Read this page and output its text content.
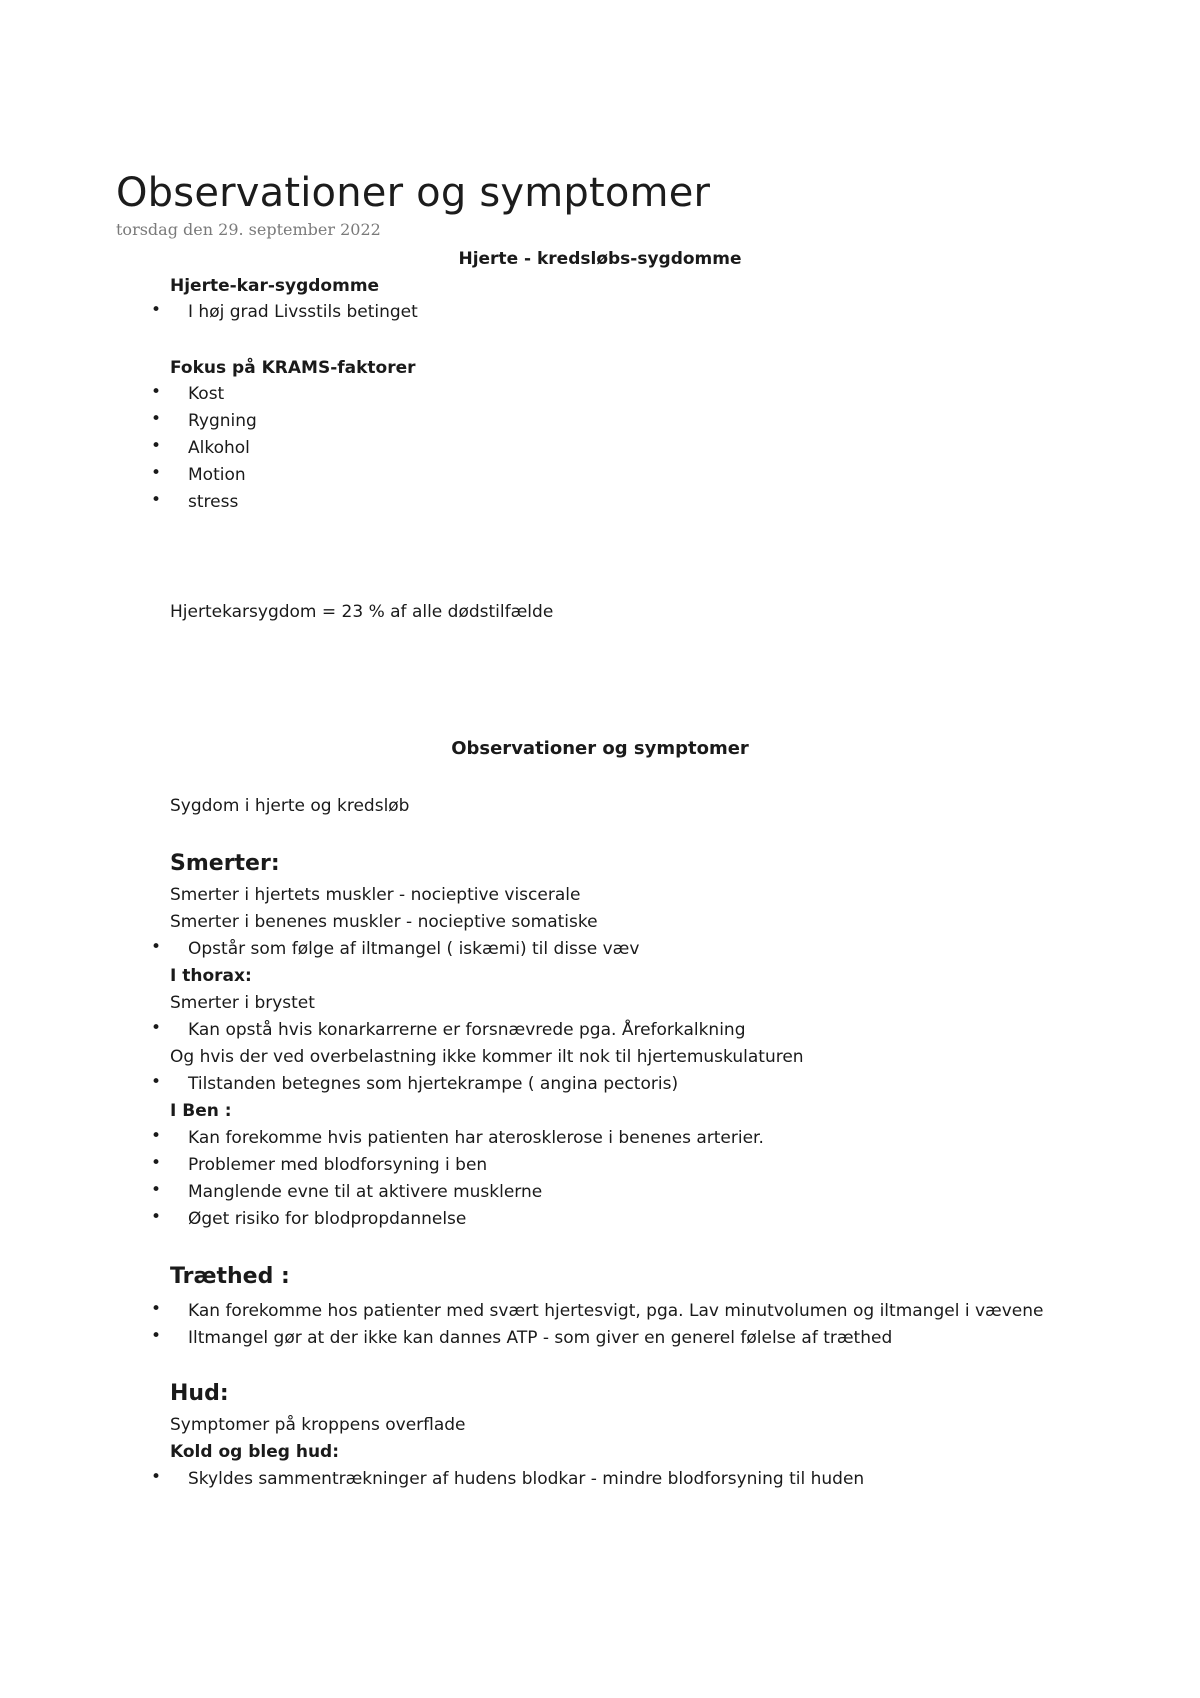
Observationer og symptomer
torsdag den 29. september 2022
Hjerte - kredsløbs-sygdomme
Hjerte-kar-sygdomme
• I høj grad Livsstils betinget
Fokus på KRAMS-faktorer
• Kost
• Rygning
• Alkohol
• Motion
• stress
Hjertekarsygdom = 23 % af alle dødstilfælde
Observationer og symptomer
Sygdom i hjerte og kredsløb
Smerter:
Smerter i hjertets muskler - nocieptive viscerale
Smerter i benenes muskler - nocieptive somatiske
• Opstår som følge af iltmangel ( iskæmi) til disse væv
I thorax:
Smerter i brystet
• Kan opstå hvis konarkarrerne er forsnævrede pga. Åreforkalkning
Og hvis der ved overbelastning ikke kommer ilt nok til hjertemuskulaturen
• Tilstanden betegnes som hjertekrampe ( angina pectoris)
I Ben :
• Kan forekomme hvis patienten har aterosklerose i benenes arterier.
• Problemer med blodforsyning i ben
• Manglende evne til at aktivere musklerne
• Øget risiko for blodpropdannelse
Træthed :
• Kan forekomme hos patienter med svært hjertesvigt, pga. Lav minutvolumen og iltmangel i vævene
• Iltmangel gør at der ikke kan dannes ATP - som giver en generel følelse af træthed
Hud:
Symptomer på kroppens overflade
Kold og bleg hud:
• Skyldes sammentrækninger af hudens blodkar - mindre blodforsyning til huden
